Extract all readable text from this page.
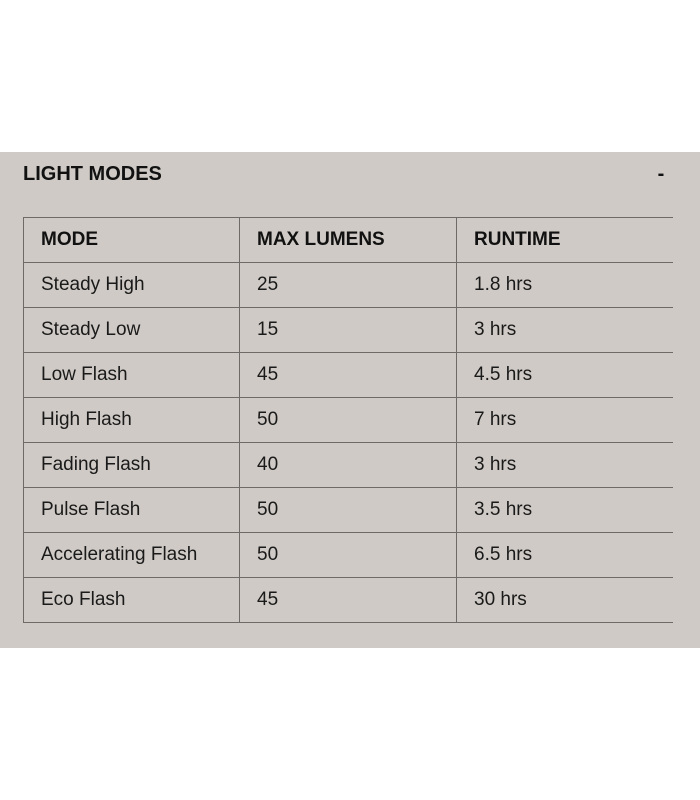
LIGHT MODES	-
MODE	MAX LUMENS	RUNTIME
Steady High	25	1.8 hrs
Steady Low	15	3 hrs
Low Flash	45	4.5 hrs
High Flash	50	7 hrs
Fading Flash	40	3 hrs
Pulse Flash	50	3.5 hrs
Accelerating Flash	50	6.5 hrs
Eco Flash	45	30 hrs
